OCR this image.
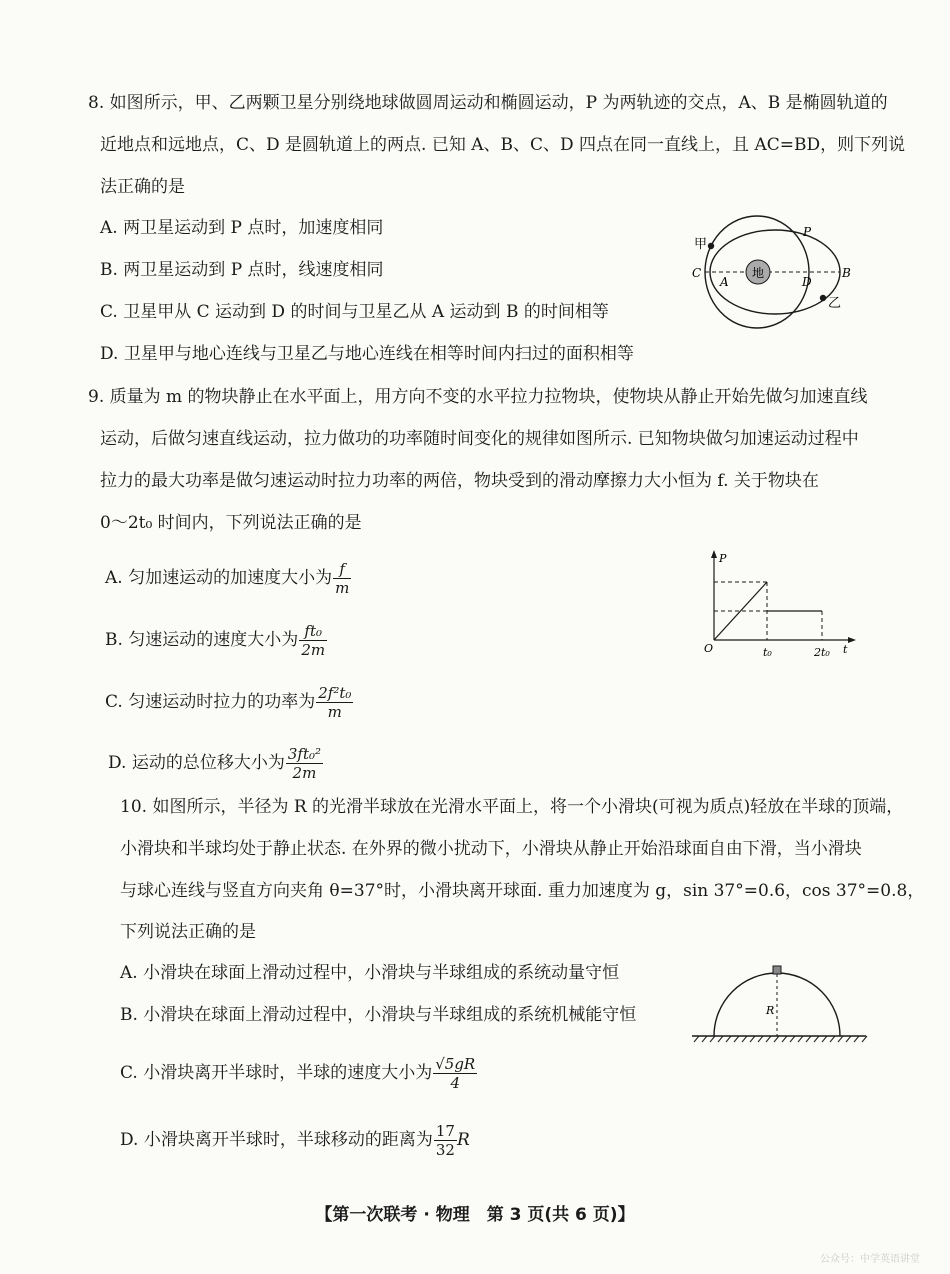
8. 如图所示，甲、乙两颗卫星分别绕地球做圆周运动和椭圆运动，P 为两轨迹的交点，A、B 是椭圆轨道的
近地点和远地点，C、D 是圆轨道上的两点. 已知 A、B、C、D 四点在同一直线上，且 AC=BD，则下列说
法正确的是
A. 两卫星运动到 P 点时，加速度相同
B. 两卫星运动到 P 点时，线速度相同
C. 卫星甲从 C 运动到 D 的时间与卫星乙从 A 运动到 B 的时间相等
D. 卫星甲与地心连线与卫星乙与地心连线在相等时间内扫过的面积相等
地
甲
乙
P
A
B
C
D
9. 质量为 m 的物块静止在水平面上，用方向不变的水平拉力拉物块，使物块从静止开始先做匀加速直线
运动，后做匀速直线运动，拉力做功的功率随时间变化的规律如图所示. 已知物块做匀加速运动过程中
拉力的最大功率是做匀速运动时拉力功率的两倍，物块受到的滑动摩擦力大小恒为 f. 关于物块在
0～2t₀ 时间内，下列说法正确的是
A. 匀加速运动的加速度大小为 $\frac{f}{m}$
B. 匀速运动的速度大小为 $\frac{\text{ft₀}}{2m}$
C. 匀速运动时拉力的功率为 $\frac{\text{2f²t₀}}{m}$
D. 运动的总位移大小为 $\frac{\text{3ft₀²}}{2m}$
P
t
O	t₀	2t₀
10. 如图所示，半径为 R 的光滑半球放在光滑水平面上，将一个小滑块(可视为质点)轻放在半球的顶端，
小滑块和半球均处于静止状态. 在外界的微小扰动下，小滑块从静止开始沿球面自由下滑，当小滑块
与球心连线与竖直方向夹角 θ=37°时，小滑块离开球面. 重力加速度为 g，sin 37°=0.6，cos 37°=0.8，
下列说法正确的是
A. 小滑块在球面上滑动过程中，小滑块与半球组成的系统动量守恒
B. 小滑块在球面上滑动过程中，小滑块与半球组成的系统机械能守恒
C. 小滑块离开半球时，半球的速度大小为 $\frac{√5gR}{4}$
D. 小滑块离开半球时，半球移动的距离为 $\frac{17}{32}$ R
R
【第一次联考 · 物理　第 3 页(共 6 页)】
公众号：中学英语讲堂
